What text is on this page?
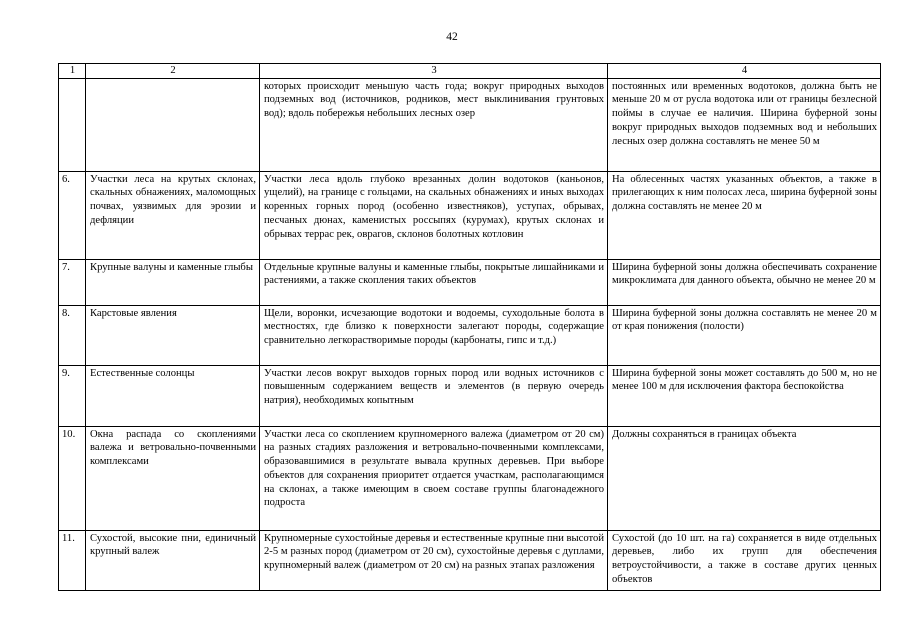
42
1	2	3	4
		которых происходит меньшую часть года; вокруг природных выходов подземных вод (источников, родников, мест выклинивания грунтовых вод); вдоль побережья небольших лесных озер	постоянных или временных водотоков, должна быть не меньше 20 м от русла водотока или от границы безлесной поймы в случае ее наличия. Ширина буферной зоны вокруг природных выходов подземных вод и небольших лесных озер должна составлять не менее 50 м
6.	Участки леса на крутых склонах, скальных обнажениях, маломощных почвах, уязвимых для эрозии и дефляции	Участки леса вдоль глубоко врезанных долин водотоков (каньонов, ущелий), на границе с гольцами, на скальных обнажениях и иных выходах коренных горных пород (особенно известняков), уступах, обрывах, песчаных дюнах, каменистых россыпях (курумах), крутых склонах и обрывах террас рек, оврагов, склонов болотных котловин	На облесенных частях указанных объектов, а также в прилегающих к ним полосах леса, ширина буферной зоны должна составлять не менее 20 м
7.	Крупные валуны и каменные глыбы	Отдельные крупные валуны и каменные глыбы, покрытые лишайниками и растениями, а также скопления таких объектов	Ширина буферной зоны должна обеспечивать сохранение микроклимата для данного объекта, обычно не менее 20 м
8.	Карстовые явления	Щели, воронки, исчезающие водотоки и водоемы, суходольные болота в местностях, где близко к поверхности залегают породы, содержащие сравнительно легкорастворимые породы (карбонаты, гипс и т.д.)	Ширина буферной зоны должна составлять не менее 20 м от края понижения (полости)
9.	Естественные солонцы	Участки лесов вокруг выходов горных пород или водных источников с повышенным содержанием веществ и элементов (в первую очередь натрия), необходимых копытным	Ширина буферной зоны может составлять до 500 м, но не менее 100 м для исключения фактора беспокойства
10.	Окна распада со скоплениями валежа и ветровально-почвенными комплексами	Участки леса со скоплением крупномерного валежа (диаметром от 20 см) на разных стадиях разложения и ветровально-почвенными комплексами, образовавшимися в результате вывала крупных деревьев. При выборе объектов для сохранения приоритет отдается участкам, располагающимся на склонах, а также имеющим в своем составе группы благонадежного подроста	Должны сохраняться в границах объекта
11.	Сухостой, высокие пни, единичный крупный валеж	Крупномерные сухостойные деревья и естественные крупные пни высотой 2-5 м разных пород (диаметром от 20 см), сухостойные деревья с дуплами, крупномерный валеж (диаметром от 20 см) на разных этапах разложения	Сухостой (до 10 шт. на га) сохраняется в виде отдельных деревьев, либо их групп для обеспечения ветроустойчивости, а также в составе других ценных объектов
